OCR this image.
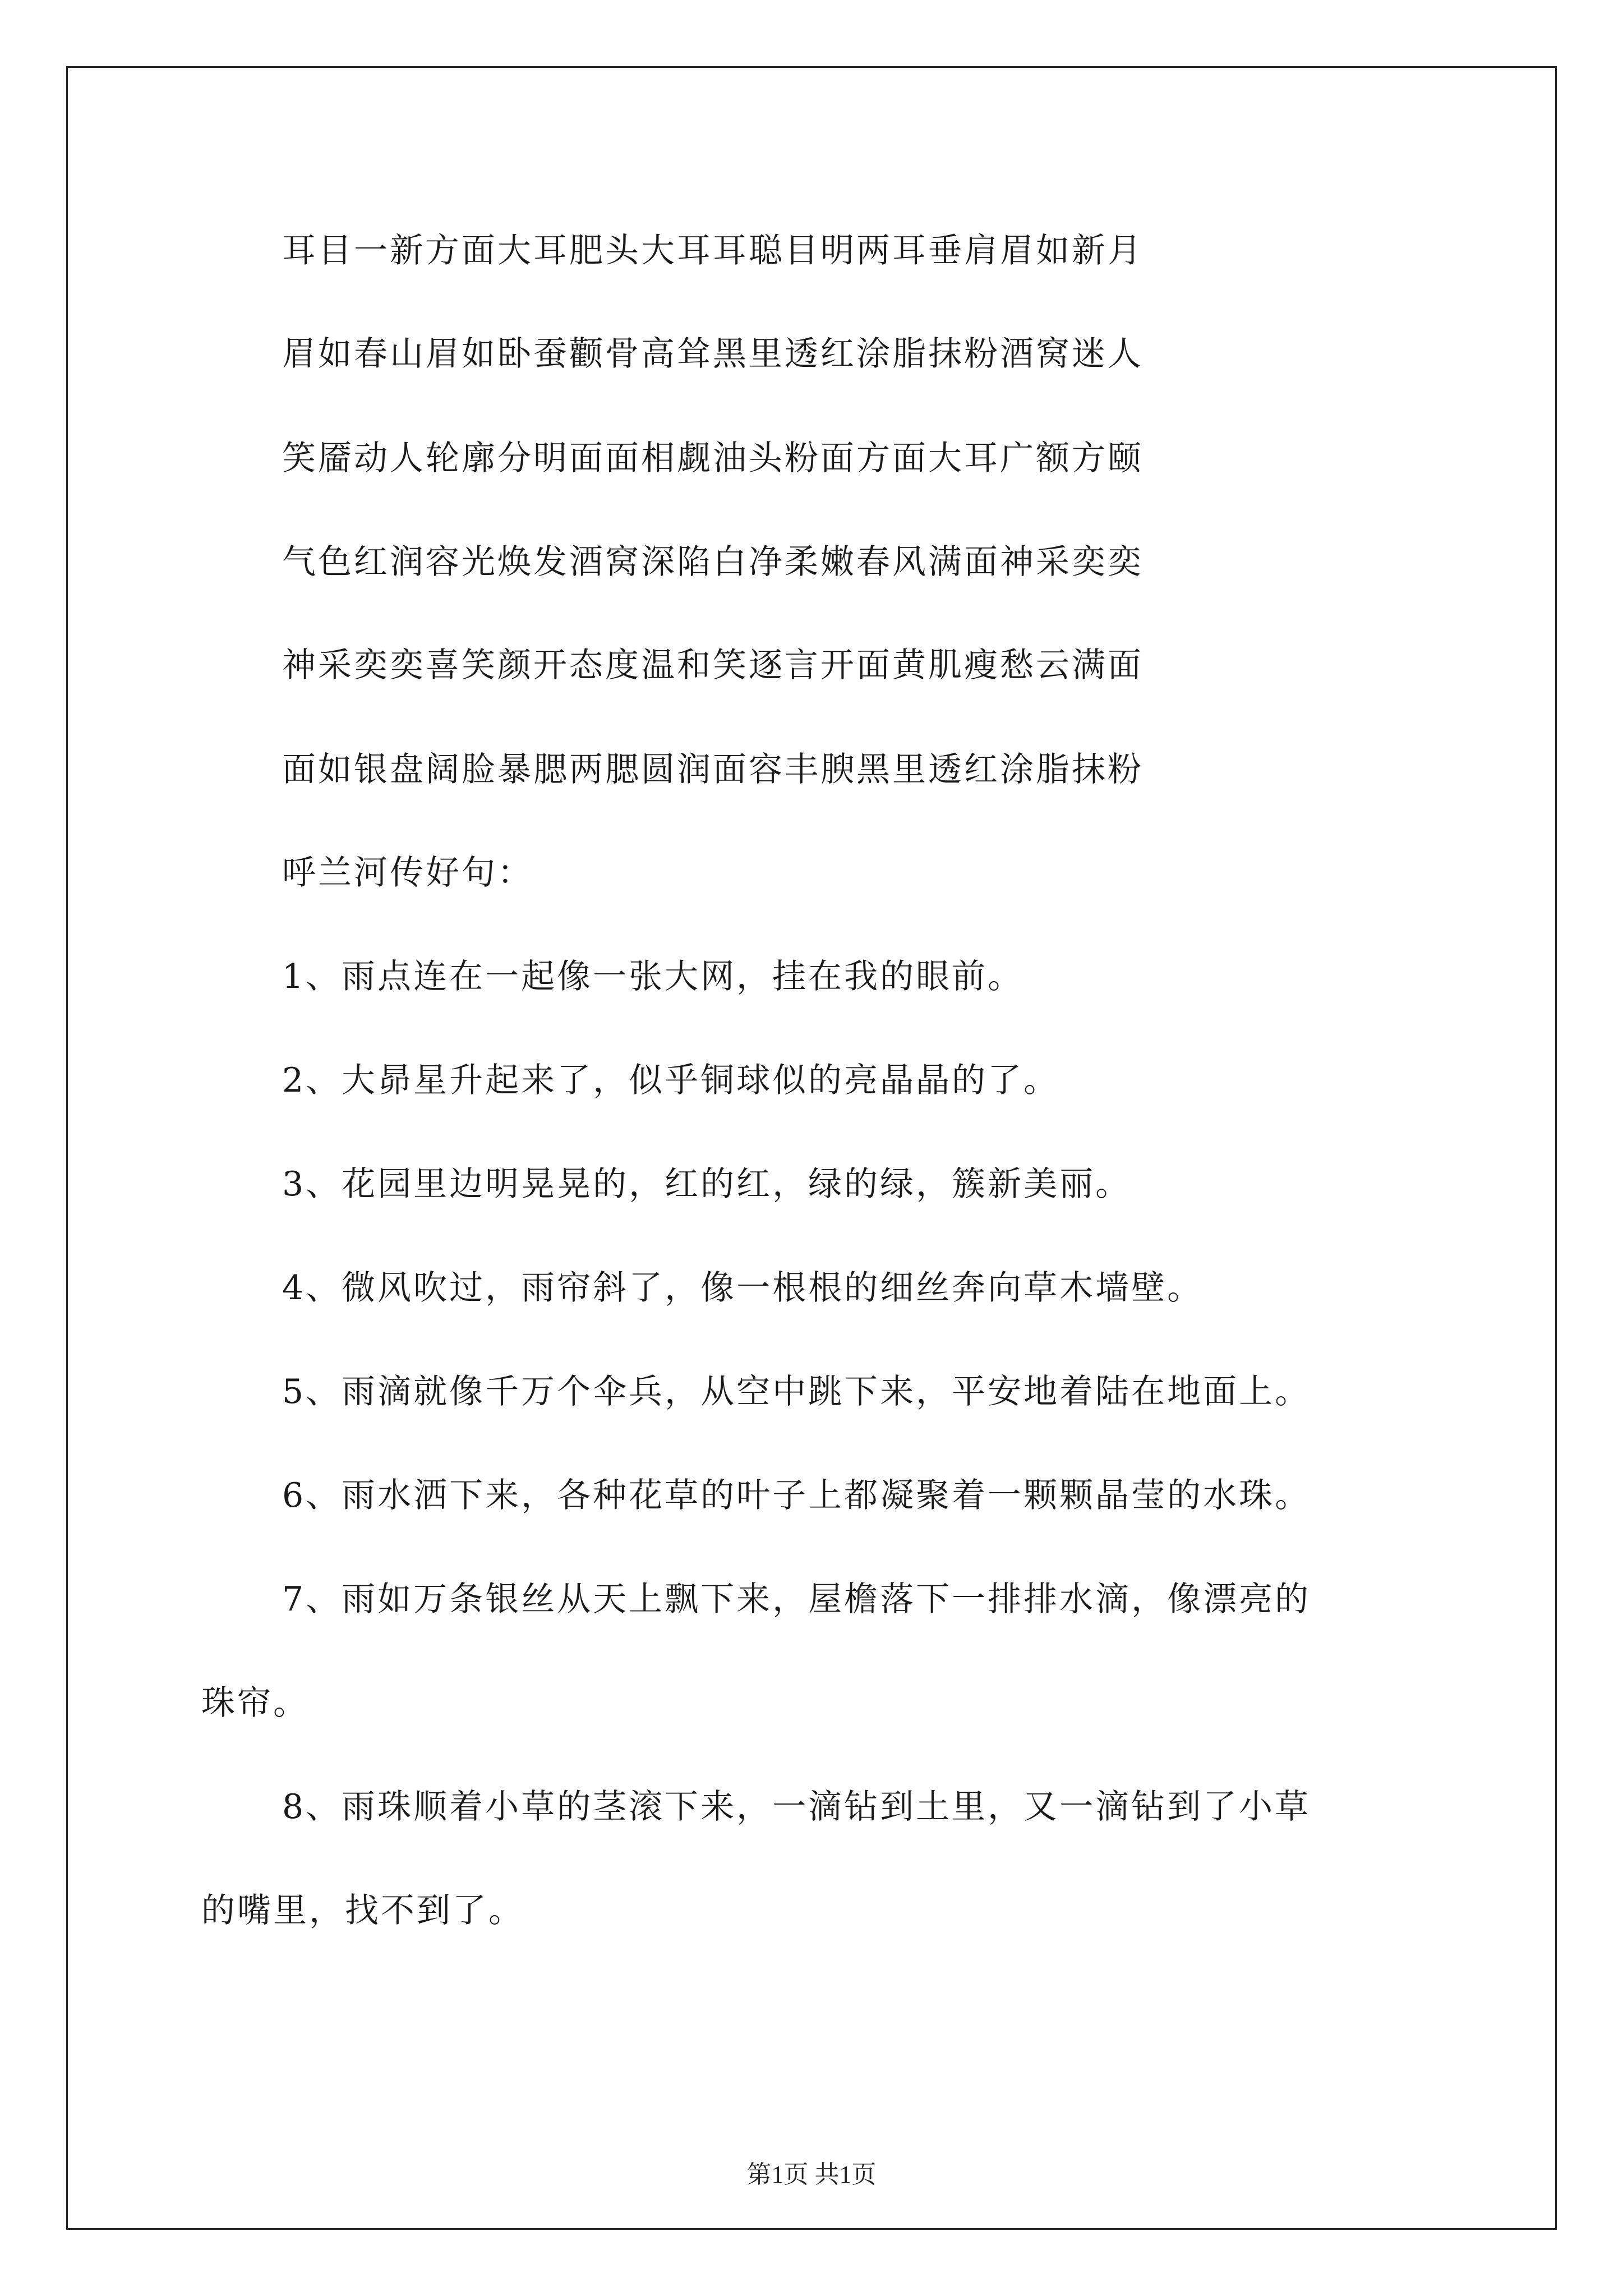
耳目一新方面大耳肥头大耳耳聪目明两耳垂肩眉如新月
眉如春山眉如卧蚕颧骨高耸黑里透红涂脂抹粉酒窝迷人
笑靥动人轮廓分明面面相觑油头粉面方面大耳广额方颐
气色红润容光焕发酒窝深陷白净柔嫩春风满面神采奕奕
神采奕奕喜笑颜开态度温和笑逐言开面黄肌瘦愁云满面
面如银盘阔脸暴腮两腮圆润面容丰腴黑里透红涂脂抹粉
呼兰河传好句：
1、雨点连在一起像一张大网，挂在我的眼前。
2、大昴星升起来了，似乎铜球似的亮晶晶的了。
3、花园里边明晃晃的，红的红，绿的绿，簇新美丽。
4、微风吹过，雨帘斜了，像一根根的细丝奔向草木墙壁。
5、雨滴就像千万个伞兵，从空中跳下来，平安地着陆在地面上。
6、雨水洒下来，各种花草的叶子上都凝聚着一颗颗晶莹的水珠。
7、雨如万条银丝从天上飘下来，屋檐落下一排排水滴，像漂亮的
珠帘。
8、雨珠顺着小草的茎滚下来，一滴钻到土里，又一滴钻到了小草
的嘴里，找不到了。
第1页 共1页
